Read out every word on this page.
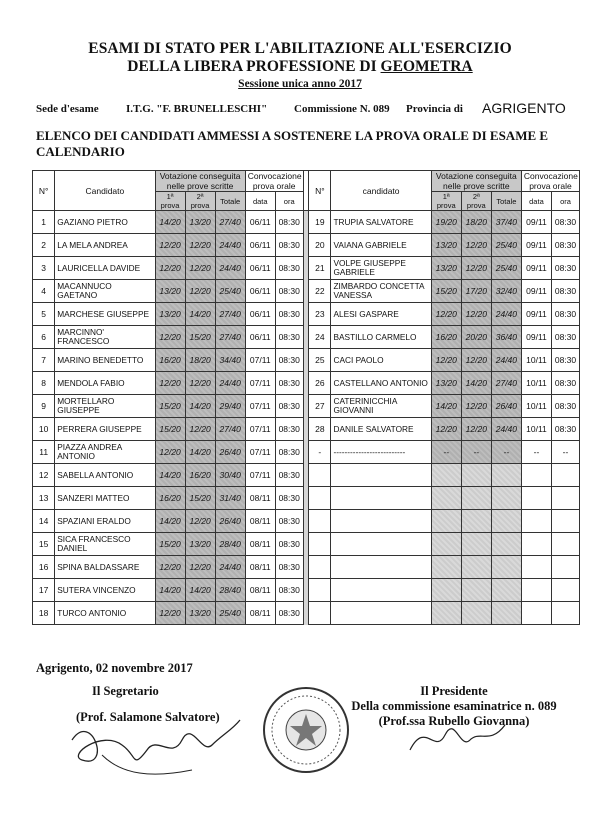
ESAMI DI STATO PER L'ABILITAZIONE ALL'ESERCIZIO
DELLA LIBERA PROFESSIONE DI GEOMETRA
Sessione unica anno 2017
Sede d'esame I.T.G. "F. BRUNELLESCHI" Commissione N. 089 Provincia di AGRIGENTO
ELENCO DEI CANDIDATI AMMESSI A SOSTENERE LA PROVA ORALE DI ESAME E CALENDARIO
N°	Candidato	Votazione conseguita nelle prove scritte			Convocazione prova orale			N°	candidato	Votazione conseguita nelle prove scritte			Convocazione prova orale	
		1ª prova	2ª prova	Totale	data	ora				1ª prova	2ª prova	Totale	data	ora
1	GAZIANO PIETRO	14/20	13/20	27/40	06/11	08:30		19	TRUPIA SALVATORE	19/20	18/20	37/40	09/11	08:30
2	LA MELA ANDREA	12/20	12/20	24/40	06/11	08:30		20	VAIANA GABRIELE	13/20	12/20	25/40	09/11	08:30
3	LAURICELLA DAVIDE	12/20	12/20	24/40	06/11	08:30		21	VOLPE GIUSEPPE GABRIELE	13/20	12/20	25/40	09/11	08:30
4	MACANNUCO GAETANO	13/20	12/20	25/40	06/11	08:30		22	ZIMBARDO CONCETTA VANESSA	15/20	17/20	32/40	09/11	08:30
5	MARCHESE GIUSEPPE	13/20	14/20	27/40	06/11	08:30		23	ALESI GASPARE	12/20	12/20	24/40	09/11	08:30
6	MARCINNO' FRANCESCO	12/20	15/20	27/40	06/11	08:30		24	BASTILLO CARMELO	16/20	20/20	36/40	09/11	08:30
7	MARINO BENEDETTO	16/20	18/20	34/40	07/11	08:30		25	CACI PAOLO	12/20	12/20	24/40	10/11	08:30
8	MENDOLA FABIO	12/20	12/20	24/40	07/11	08:30		26	CASTELLANO ANTONIO	13/20	14/20	27/40	10/11	08:30
9	MORTELLARO GIUSEPPE	15/20	14/20	29/40	07/11	08:30		27	CATERINICCHIA GIOVANNI	14/20	12/20	26/40	10/11	08:30
10	PERRERA GIUSEPPE	15/20	12/20	27/40	07/11	08:30		28	DANILE SALVATORE	12/20	12/20	24/40	10/11	08:30
11	PIAZZA ANDREA ANTONIO	12/20	14/20	26/40	07/11	08:30		-	--------------------------	--	--	--	--	--
12	SABELLA ANTONIO	14/20	16/20	30/40	07/11	08:30								
13	SANZERI MATTEO	16/20	15/20	31/40	08/11	08:30								
14	SPAZIANI ERALDO	14/20	12/20	26/40	08/11	08:30								
15	SICA FRANCESCO DANIEL	15/20	13/20	28/40	08/11	08:30								
16	SPINA BALDASSARE	12/20	12/20	24/40	08/11	08:30								
17	SUTERA VINCENZO	14/20	14/20	28/40	08/11	08:30								
18	TURCO ANTONIO	12/20	13/20	25/40	08/11	08:30								
Agrigento, 02 novembre 2017
Il Segretario
(Prof. Salamone Salvatore)
Il Presidente
Della commissione esaminatrice n. 089
(Prof.ssa Rubello Giovanna)
